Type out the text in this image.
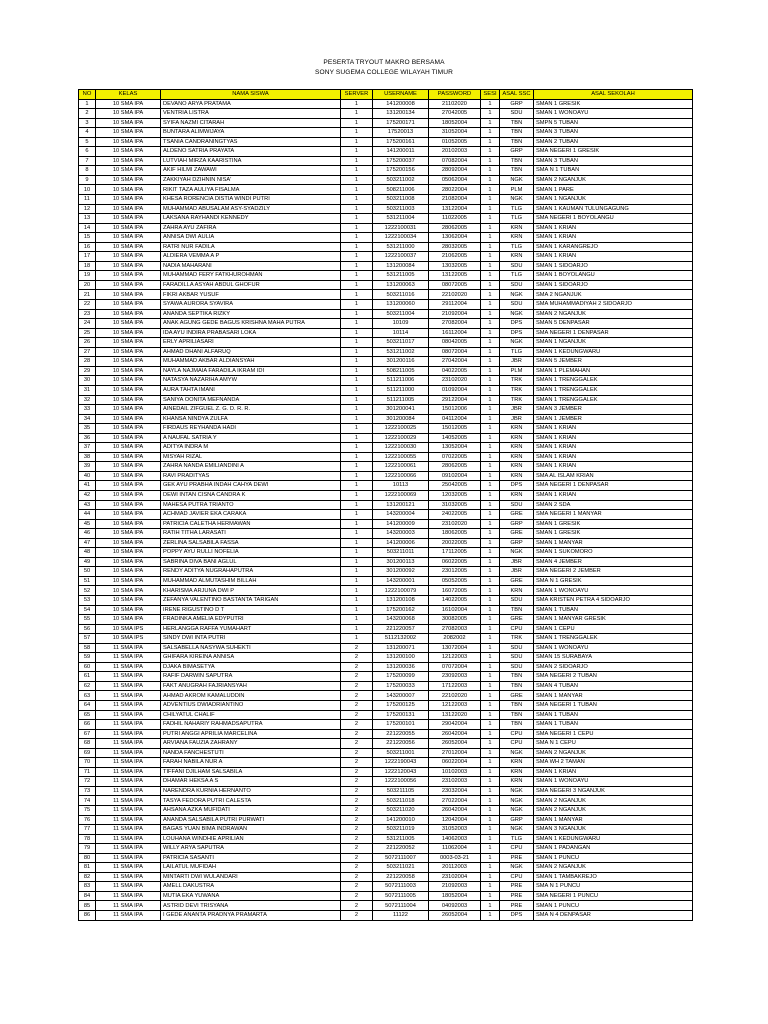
PESERTA TRYOUT MAKRO BERSAMA
SONY SUGEMA COLLEGE WILAYAH TIMUR
NO	KELAS	NAMA SISWA	SERVER	USERNAME	PASSWORD	SESI	ASAL SSC	ASAL SEKOLAH
1	10 SMA IPA	DEVANO ARYA PRATAMA	1	141200008	21102020	1	GRP	SMAN 1 GRESIK
2	10 SMA IPA	VENTRIA LISTRA	1	131200134	27042005	1	SDU	SMAN 1 WONOAYU
3	10 SMA IPA	SYIFA NAZMI CITARAH	1	175200171	18052004	1	TBN	SMPN 5 TUBAN
4	10 SMA IPA	BUNTARA ALIMWIJAYA	1	17520013	31052004	1	TBN	SMAN 3 TUBAN
5	10 SMA IPA	TSANIA CANDRANINGTYAS	1	175200161	01052005	1	TBN	SMAN 2 TUBAN
6	10 SMA IPA	ALDENO SATRIA PRAYATA	1	141200011	20102003	1	GRP	SMA NEGERI 1 GRESIK
7	10 SMA IPA	LUTVIAH MIRZA KAARISTINA	1	175200037	07082004	1	TBN	SMAN 3 TUBAN
8	10 SMA IPA	AKIF HILMI ZAWAWI	1	175200156	28092004	1	TBN	SMA N 1 TUBAN
9	10 SMA IPA	ZAKKIYAH DZIHNIN NISA'	1	503211002	05062004	1	NGK	SMAN 2 NGANJUK
10	10 SMA IPA	RIKIT TAZA AULIYA FISALMA	1	508211006	28022004	1	PLM	SMAN 1 PARE
11	10 SMA IPA	KHESA RORENCIA DISTIA WINDI PUTRI	1	503211008	21082004	1	NGK	SMAN 1 NGANJUK
12	10 SMA IPA	MUHAMMAD ABUSALAM ASY-SYADZILY	1	503211003	13122004	1	TLG	SMAN 1 KAUMAN TULUNGAGUNG
13	10 SMA IPA	LAKSANA RAYHANDI KENNEDY	1	531211004	11022005	1	TLG	SMA NEGERI 1 BOYOLANGU
14	10 SMA IPA	ZAHRA AYU ZAFIRA	1	1222100031	28062005	1	KRN	SMAN 1 KRIAN
15	10 SMA IPA	ANNISA DWI AULIA	1	1222100034	13062004	1	KRN	SMAN 1 KRIAN
16	10 SMA IPA	RATRI NUR FADILA	1	531211000	28032005	1	TLG	SMAN 1 KARANGREJO
17	10 SMA IPA	ALDIERA VEMMA A P	1	1222100037	21062005	1	KRN	SMAN 1 KRIAN
18	10 SMA IPA	NADIA MAHARANI	1	131200084	13032005	1	SDU	SMAN 1 SIDOARJO
19	10 SMA IPA	MUHAMMAD FERY FATKHUROHMAN	1	531211005	13122005	1	TLG	SMAN 1 BOYOLANGU
20	10 SMA IPA	FARADILLA ASYAH ABDUL GHOFUR	1	131200063	08072005	1	SDU	SMAN 1 SIDOARJO
21	10 SMA IPA	FIKRI AKBAR YUSUF	1	503211016	22102020	1	NGK	SMA 2 NGANJUK
22	10 SMA IPA	SYAWA AURORA SYAVIRA	1	131200060	29112004	1	SDU	SMA MUHAMMADIYAH 2 SIDOARJO
23	10 SMA IPA	ANANDA SEPTIKA RIZKY	1	503211004	21092004	1	NGK	SMAN 2 NGANJUK
24	10 SMA IPA	ANAK AGUNG GEDE BAGUS KRISHNA MAHA PUTRA	1	10109	27082004	1	DPS	SMAN 5 DENPASAR
25	10 SMA IPA	IDA AYU INDIRA PRABASARI LOKA	1	10114	16112004	1	DPS	SMA NEGERI 1 DENPASAR
26	10 SMA IPA	ERLY APRILIASARI	1	503211017	08042005	1	NGK	SMAN 1 NGANJUK
27	10 SMA IPA	AHMAD DHANI ALFARUQ	1	531211002	08072004	1	TLG	SMAN 1 KEDUNGWARU
28	10 SMA IPA	MUHAMMAD AKBAR ALDIANSYAH	1	301200116	27042004	1	JBR	SMAN 5 JEMBER
29	10 SMA IPA	NAYLA NAJMAIA FARADILA IKRAM IDI	1	508211005	04022005	1	PLM	SMAN 1 PLEMAHAN
30	10 SMA IPA	NATASYA NAZARIHA AMYW	1	511211006	23102020	1	TRK	SMAN 1 TRENGGALEK
31	10 SMA IPA	AURA TAHTA IMANI	1	511211000	01092004	1	TRK	SMAN 1 TRENGGALEK
32	10 SMA IPA	SANIYA OONITA MEFNANDA	1	511211005	29122004	1	TRK	SMAN 1 TRENGGALEK
33	10 SMA IPA	AINEDAIL ZIFGUEL Z. G. D. R. R.	1	301200041	15012006	1	JBR	SMAN 3 JEMBER
34	10 SMA IPA	KHANSA NINDYA ZULFA	1	301200084	04112004	1	JBR	SMAN 1 JEMBER
35	10 SMA IPA	FIRDAUS REYHANDA HADI	1	1222100025	15012005	1	KRN	SMAN 1 KRIAN
36	10 SMA IPA	A NAUFAL SATRIA Y	1	1222100029	14052005	1	KRN	SMAN 1 KRIAN
37	10 SMA IPA	ADITYA INDRA M	1	1222100030	13052004	1	KRN	SMAN 1 KRIAN
38	10 SMA IPA	MISYAH RIZAL	1	1222100055	07022005	1	KRN	SMAN 1 KRIAN
39	10 SMA IPA	ZAHRA NANDA EMILIANDINI A	1	1222100061	28062005	1	KRN	SMAN 1 KRIAN
40	10 SMA IPA	RAVI PRADITYAS	1	1222100066	09102004	1	KRN	SMA AL ISLAM KRIAN
41	10 SMA IPA	GEK AYU PRABHA INDAH CAHYA DEWI	1	10113	25042005	1	DPS	SMA NEGERI 1 DENPASAR
42	10 SMA IPA	DEWI INTAN CISNA CANDRA K	1	1222100069	12032005	1	KRN	SMAN 1 KRIAN
43	10 SMA IPA	MAHESA PUTRA TRIANTO	1	131200121	31032005	1	SDU	SMAN 2 SDA
44	10 SMA IPA	ACHMAD JAVIER EKA CARAKA	1	143200004	24022005	1	GRE	SMA NEGERI 1 MANYAR
45	10 SMA IPA	PATRICIA CALETHA HERMAWAN	1	141200009	23102020	1	GRP	SMAN 1 GRESIK
46	10 SMA IPA	RATIH TITHA LARASATI	1	143200003	18062005	1	GRE	SMAN 1 GRESIK
47	10 SMA IPA	ZERLINA SALSABILA FASSA	1	141200006	20022005	1	GRP	SMAN 1 MANYAR
48	10 SMA IPA	POPPY AYU RULLI NOFELIA	1	503211011	17112005	1	NGK	SMAN 1 SUKOMORO
49	10 SMA IPA	SABRINA DIVA BANI AGLUL	1	301200113	06022005	1	JBR	SMAN 4 JEMBER
50	10 SMA IPA	RENDY ADITYA NUGRAHAPUTRA	1	301200092	23012005	1	JBR	SMA NEGERI 2 JEMBER
51	10 SMA IPA	MUHAMMAD ALMUTASHIM BILLAH	1	143200001	05052005	1	GRE	SMA N 1 GRESIK
52	10 SMA IPA	KHARISMA ARJUNA DWI P	1	1222100079	16072005	1	KRN	SMAN 1 WONOAYU
53	10 SMA IPA	ZEFANYA VALENTINO BASTANTA TARIGAN	1	131200108	14022005	1	SDU	SMA KRISTEN PETRA 4 SIDOARJO
54	10 SMA IPA	IRENE RIGUSTINO D T	1	175200162	16102004	1	TBN	SMAN 1 TUBAN
55	10 SMA IPA	FRADINKA AMELIA EDYPUTRI	1	143200068	30082005	1	GRE	SMAN 1 MANYAR GRESIK
56	10 SMA IPS	HERLANGGA RAFFA YUMAHART	1	221220057	27082003	1	CPU	SMAN 1 CEPU
57	10 SMA IPS	SINDY DWI INTA PUTRI	1	5112132002	2082002	1	TRK	SMAN 1 TRENGGALEK
58	11 SMA IPA	SALSABELLA NASYWA SUHEKTI	2	131200071	13072004	1	SDU	SMAN 1 WONOAYU
59	11 SMA IPA	GHIFARA KIREINA ANNISA	2	131200100	12122003	1	SDU	SMAN 15 SURABAYA
60	11 SMA IPA	DJAKA BIMASETYA	2	131200036	07072004	1	SDU	SMAN 2 SIDOARJO
61	11 SMA IPA	RAFIF DARWIN SAPUTRA	2	175200099	23092003	1	TBN	SMA NEGERI 2 TUBAN
62	11 SMA IPA	FAKT ANUGRAH FAJRIANSYAH	2	175200033	17122003	1	TBN	SMAN 4 TUBAN
63	11 SMA IPA	AHMAD AKROM KAMALUDDIN	2	143200007	22102020	1	GRE	SMAN 1 MANYAR
64	11 SMA IPA	ADVENTIUS DWIADRIANTINO	2	175200125	12122003	1	TBN	SMA NEGERI 1 TUBAN
65	11 SMA IPA	CHILYATUL CHALIF	2	175200131	13122020	1	TBN	SMAN 1 TUBAN
66	11 SMA IPA	FADHIL NAHARIY RAHMADSAPUTRA	2	175200101	29042004	1	TBN	SMAN 1 TUBAN
67	11 SMA IPA	PUTRI ANGGI APRILIA MARCELINA	2	221220055	26042004	1	CPU	SMA NEGERI 1 CEPU
68	11 SMA IPA	ARVIANA FAUZIA ZAHRANY	2	221220056	26052004	1	CPU	SMA N 1 CEPU
69	11 SMA IPA	NANDA FANCHESTUTI	2	503211001	27012004	1	NGK	SMAN 2 NGANJUK
70	11 SMA IPA	FARAH NABILA NUR A	2	1222190043	06022004	1	KRN	SMA WH 2 TAMAN
71	11 SMA IPA	TIFFANI DJILHAM SALSABILA	2	1222120043	10102003	1	KRN	SMAN 1 KRIAN
72	11 SMA IPA	DHAMAR HEKSA A S	2	1222100056	23102003	1	KRN	SMAN 1 WONOAYU
73	11 SMA IPA	NARENDRA KURNIA HERNANTO	2	503211105	23032004	1	NGK	SMA NEGERI 3 NGANJUK
74	11 SMA IPA	TASYA FEDORA PUTRI CALESTA	2	503211018	27022004	1	NGK	SMAN 2 NGANJUK
75	11 SMA IPA	AHSANA AZKA MUFIDATI	2	503211020	26042004	1	NGK	SMAN 2 NGANJUK
76	11 SMA IPA	ANANDA SALSABILA PUTRI PURWATI	2	141200010	12042004	1	GRP	SMAN 1 MANYAR
77	11 SMA IPA	BAGAS YUAN BIMA INDRAWAN	2	503211019	31052003	1	NGK	SMAN 3 NGANJUK
78	11 SMA IPA	LOUHANA WINDHIE APRILIAN	2	531211005	14062003	1	TLG	SMAN 1 KEDUNGWARU
79	11 SMA IPA	WILLY ARYA SAPUTRA	2	221220052	11062004	1	CPU	SMAN 1 PADANGAN
80	11 SMA IPA	PATRICIA SASANTI	2	5072111007	0003-03-21	1	PRE	SMAN 1 PUNCU
81	11 SMA IPA	LAILATUL MUFIDAH	2	503211021	20112003	1	NGK	SMAN 2 NGANJUK
82	11 SMA IPA	MINTARTI DWI WULANDARI	2	221220058	23102004	1	CPU	SMAN 1 TAMBAKREJO
83	11 SMA IPA	AMELL DAKUSTRA	2	5072111003	21092003	1	PRE	SMA N 1 PUNCU
84	11 SMA IPA	MUTIA EKA YUWANA	2	5072111005	18052004	1	PRE	SMA NEGERI 1 PUNCU
85	11 SMA IPA	ASTRID DEVI TRISYANA	2	5072111004	04092003	1	PRE	SMAN 1 PUNCU
86	11 SMA IPA	I GEDE ANANTA PRADNYA PRAMARTA	2	11122	26052004	1	DPS	SMA N 4 DENPASAR
